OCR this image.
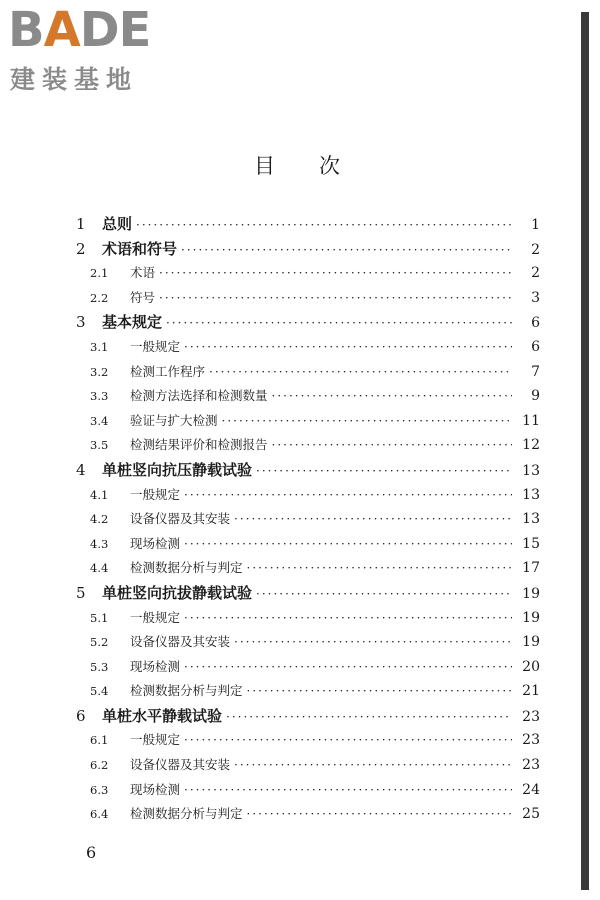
BADE
建装基地
目 次
1	总则 ·····	1
2	术语和符号 ·····	2
2.1	术语 ·····	2
2.2	符号 ·····	3
3	基本规定 ·····	6
3.1	一般规定 ·····	6
3.2	检测工作程序 ·····	7
3.3	检测方法选择和检测数量 ·····	9
3.4	验证与扩大检测 ·····	11
3.5	检测结果评价和检测报告 ·····	12
4	单桩竖向抗压静载试验 ·····	13
4.1	一般规定 ·····	13
4.2	设备仪器及其安装 ·····	13
4.3	现场检测 ·····	15
4.4	检测数据分析与判定 ·····	17
5	单桩竖向抗拔静载试验 ·····	19
5.1	一般规定 ·····	19
5.2	设备仪器及其安装 ·····	19
5.3	现场检测 ·····	20
5.4	检测数据分析与判定 ·····	21
6	单桩水平静载试验 ·····	23
6.1	一般规定 ·····	23
6.2	设备仪器及其安装 ·····	23
6.3	现场检测 ·····	24
6.4	检测数据分析与判定 ·····	25
6
